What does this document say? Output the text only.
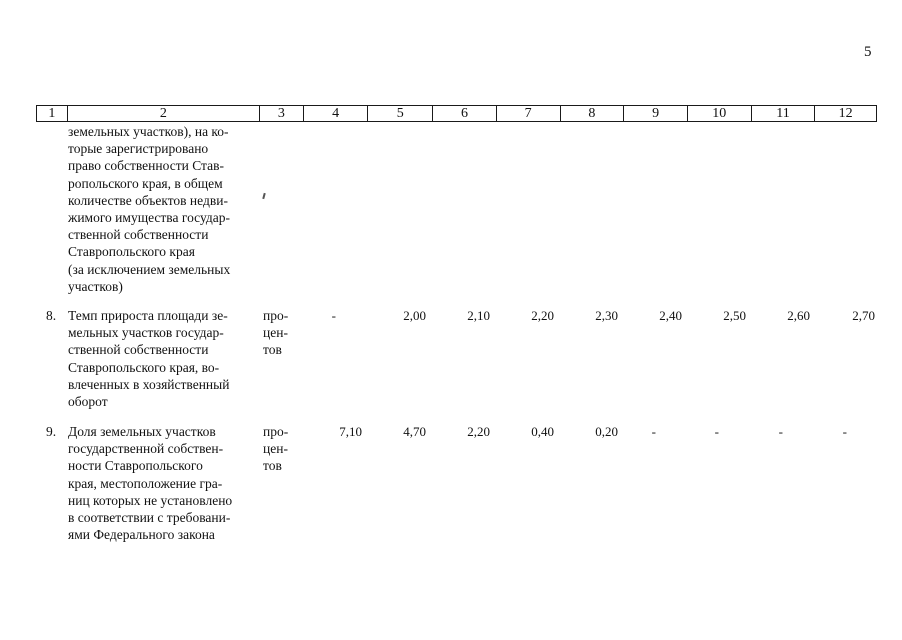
5
1	2	3	4	5	6	7	8	9	10	11	12
земельных участков), на ко-
торые зарегистрировано
право собственности Став-
ропольского края, в общем
количестве объектов недви-
жимого имущества государ-
ственной собственности
Ставропольского края
(за исключением земельных
участков)
8. Темп прироста площади зе-
мельных участков государ-
ственной собственности
Ставропольского края, во-
влеченных в хозяйственный
оборот
про-
цен-
тов
-	2,00	2,10	2,20	2,30	2,40	2,50	2,60	2,70
9. Доля земельных участков
государственной собствен-
ности Ставропольского
края, местоположение гра-
ниц которых не установлено
в соответствии с требовани-
ями Федерального закона
про-
цен-
тов
7,10	4,70	2,20	0,40	0,20	-	-	-	-
